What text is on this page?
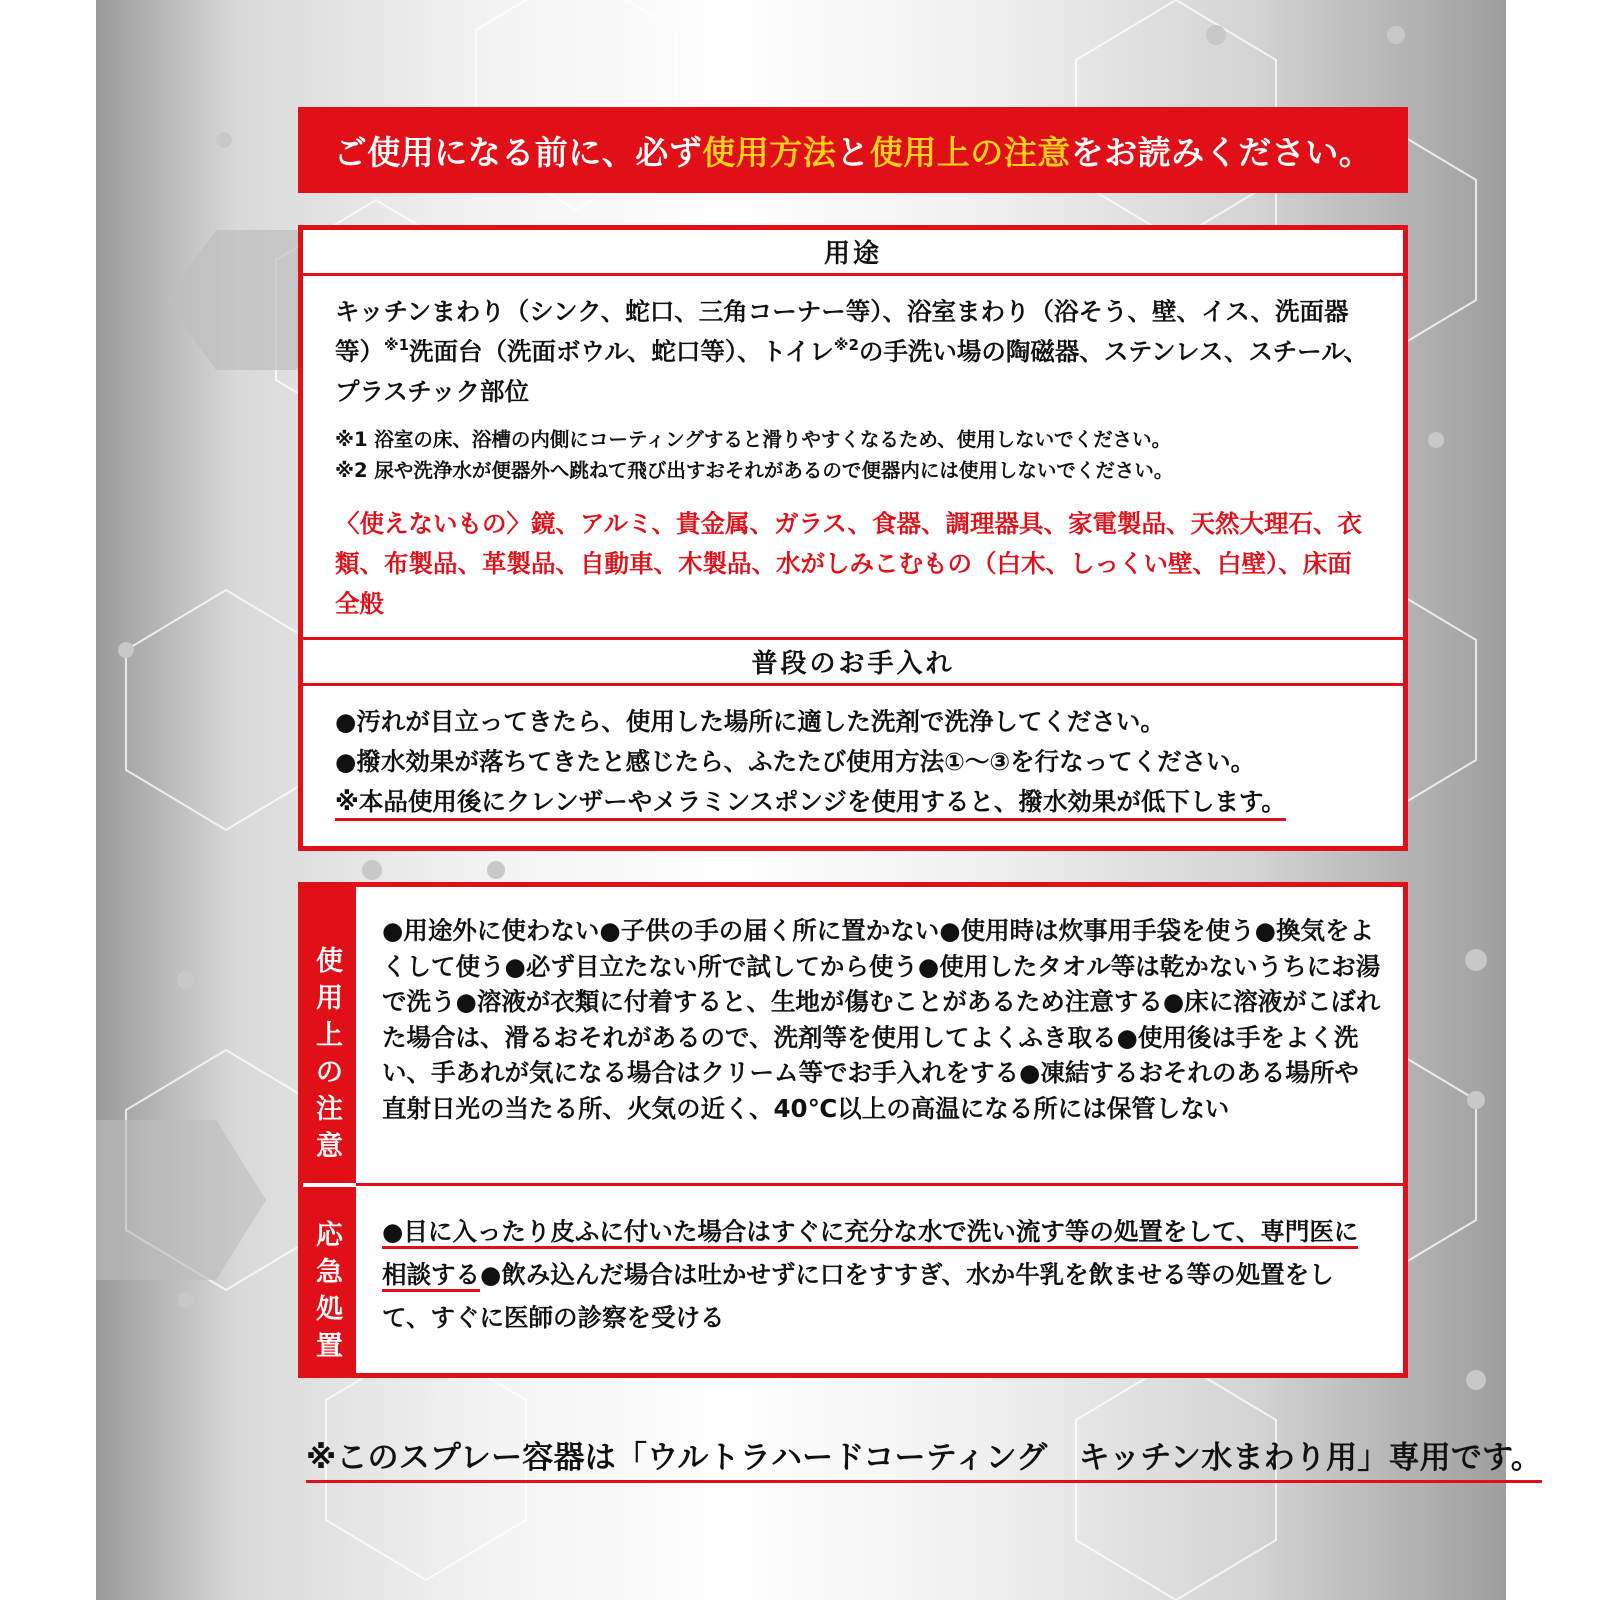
ご使用になる前に、必ず 使用方法 と 使用上の注意 をお読みください。
用途
キッチンまわり（シンク、蛇口、三角コーナー等）、浴室まわり（浴そう、壁、イス、洗面器等）$^{※1}$洗面台（洗面ボウル、蛇口等）、トイレ$^{※2}$の手洗い場の陶磁器、ステンレス、スチール、プラスチック部位
※1 浴室の床、浴槽の内側にコーティングすると滑りやすくなるため、使用しないでください。
※2 尿や洗浄水が便器外へ跳ねて飛び出すおそれがあるので便器内には使用しないでください。
〈使えないもの〉鏡、アルミ、貴金属、ガラス、食器、調理器具、家電製品、天然大理石、衣類、布製品、革製品、自動車、木製品、水がしみこむもの（白木、しっくい壁、白壁）、床面全般
普段のお手入れ
●汚れが目立ってきたら、使用した場所に適した洗剤で洗浄してください。
●撥水効果が落ちてきたと感じたら、ふたたび使用方法①〜③を行なってください。
※本品使用後にクレンザーやメラミンスポンジを使用すると、撥水効果が低下します。
使
用
上
の
注
意
応
急
処
置
●用途外に使わない●子供の手の届く所に置かない●使用時は炊事用手袋を使う●換気をよくして使う●必ず目立たない所で試してから使う●使用したタオル等は乾かないうちにお湯で洗う●溶液が衣類に付着すると、生地が傷むことがあるため注意する●床に溶液がこぼれた場合は、滑るおそれがあるので、洗剤等を使用してよくふき取る●使用後は手をよく洗い、手あれが気になる場合はクリーム等でお手入れをする●凍結するおそれのある場所や直射日光の当たる所、火気の近く、40℃以上の高温になる所には保管しない
●目に入ったり皮ふに付いた場合はすぐに充分な水で洗い流す等の処置をして、専門医に相談する●飲み込んだ場合は吐かせずに口をすすぎ、水か牛乳を飲ませる等の処置をして、すぐに医師の診察を受ける
※このスプレー容器は「ウルトラハードコーティング　キッチン水まわり用」専用です。
